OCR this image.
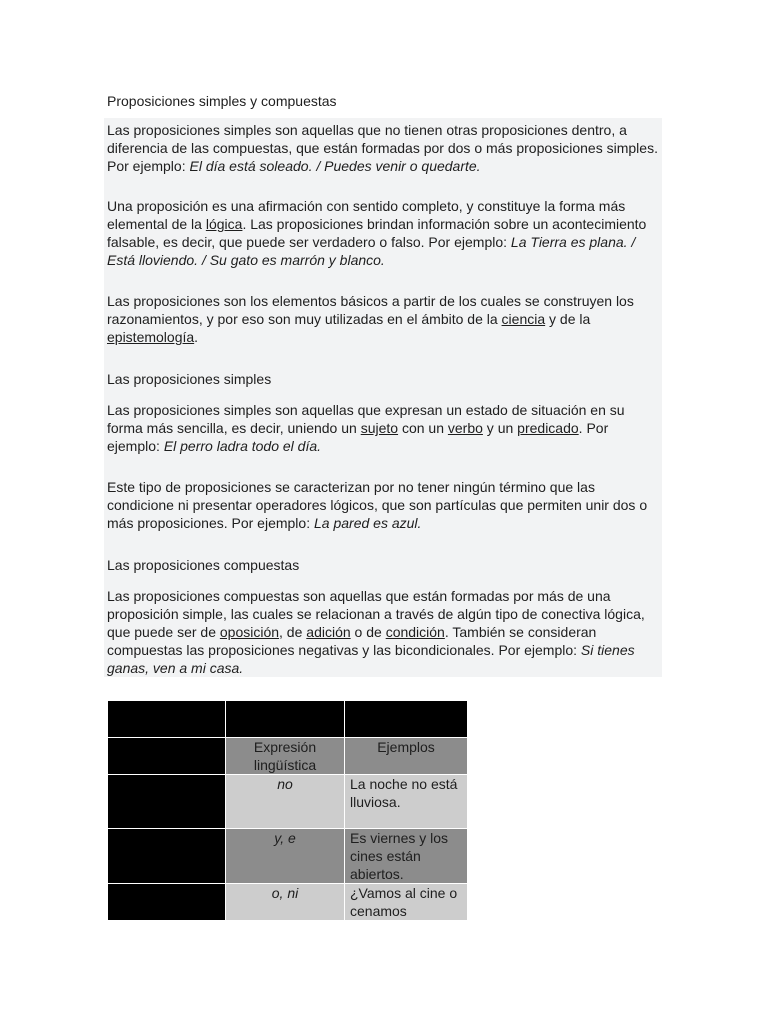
Proposiciones simples y compuestas
Las proposiciones simples son aquellas que no tienen otras proposiciones dentro, a diferencia de las compuestas, que están formadas por dos o más proposiciones simples. Por ejemplo: El día está soleado. / Puedes venir o quedarte.
Una proposición es una afirmación con sentido completo, y constituye la forma más elemental de la lógica. Las proposiciones brindan información sobre un acontecimiento falsable, es decir, que puede ser verdadero o falso. Por ejemplo: La Tierra es plana. / Está lloviendo. / Su gato es marrón y blanco.
Las proposiciones son los elementos básicos a partir de los cuales se construyen los razonamientos, y por eso son muy utilizadas en el ámbito de la ciencia y de la epistemología.
Las proposiciones simples
Las proposiciones simples son aquellas que expresan un estado de situación en su forma más sencilla, es decir, uniendo un sujeto con un verbo y un predicado. Por ejemplo: El perro ladra todo el día.
Este tipo de proposiciones se caracterizan por no tener ningún término que las condicione ni presentar operadores lógicos, que son partículas que permiten unir dos o más proposiciones. Por ejemplo: La pared es azul.
Las proposiciones compuestas
Las proposiciones compuestas son aquellas que están formadas por más de una proposición simple, las cuales se relacionan a través de algún tipo de conectiva lógica, que puede ser de oposición, de adición o de condición. También se consideran compuestas las proposiciones negativas y las bicondicionales. Por ejemplo: Si tienes ganas, ven a mi casa.

	Expresión lingüística	Ejemplos
	no	La noche no está lluviosa.
	y, e	Es viernes y los cines están abiertos.
	o, ni	¿Vamos al cine o cenamos
